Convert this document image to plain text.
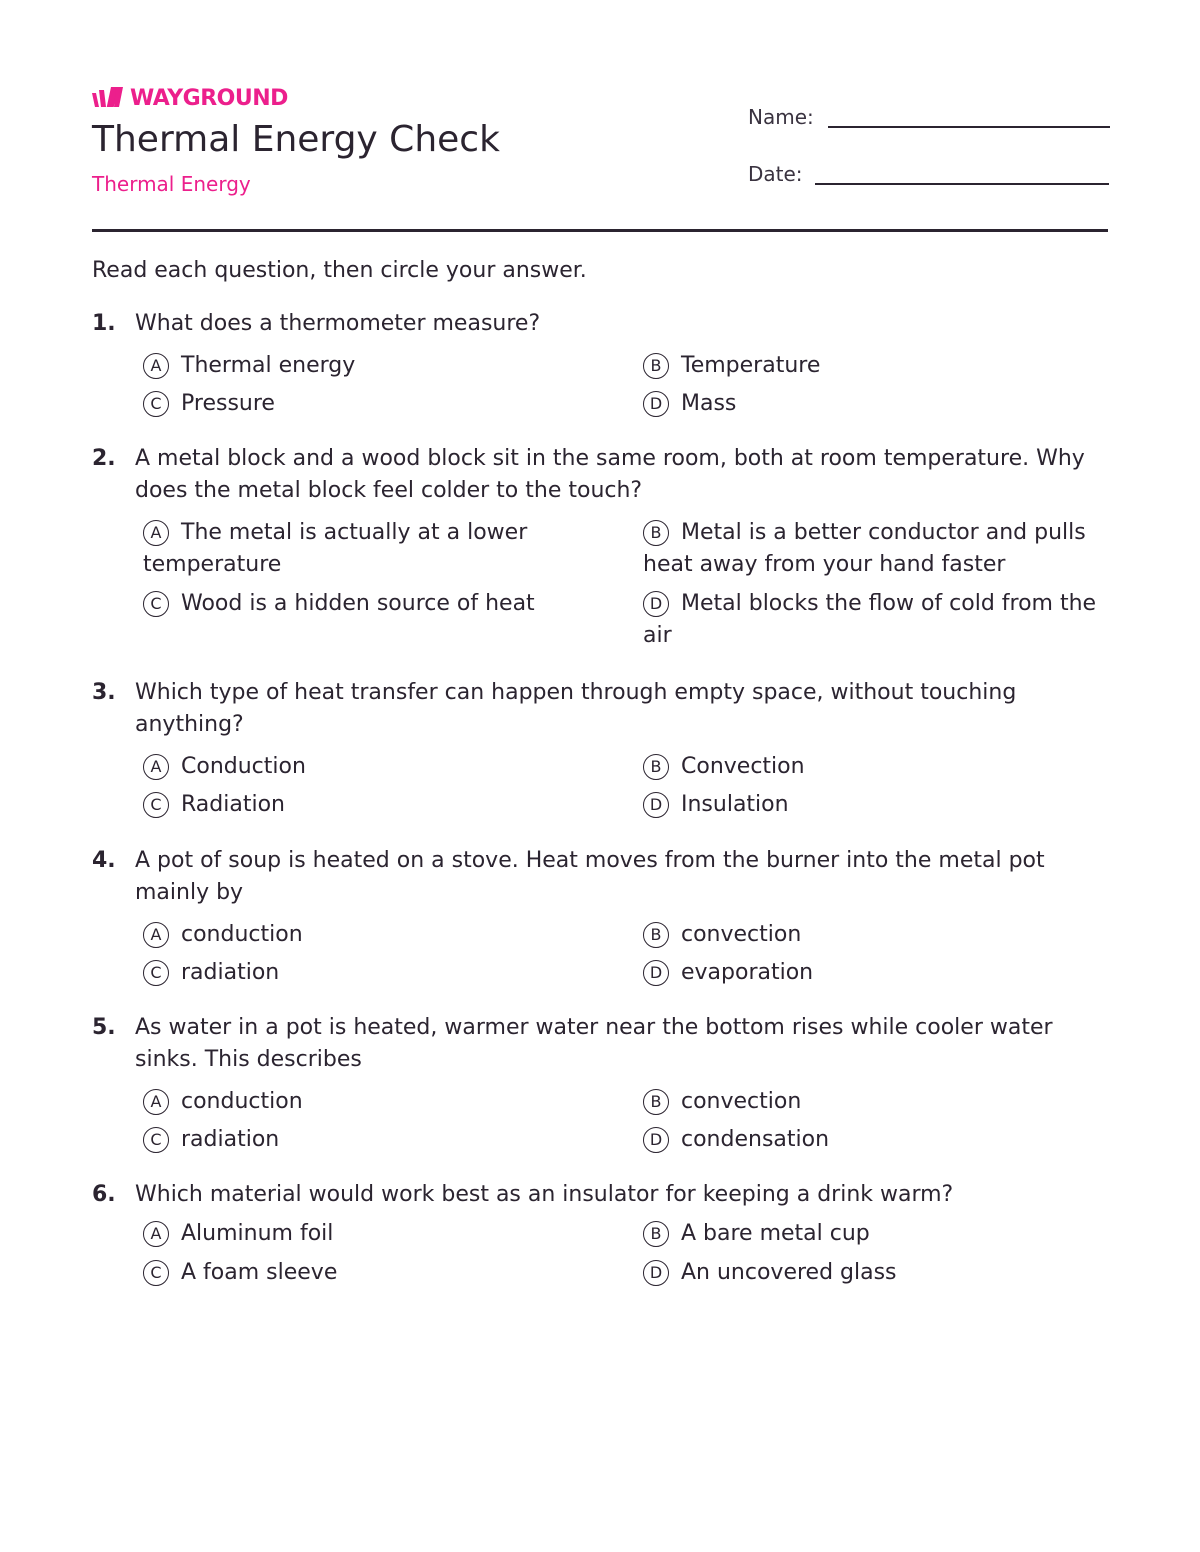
WAYGROUND
Thermal Energy Check
Thermal Energy
Name:
Date:
Read each question, then circle your answer.
1. What does a thermometer measure?
A Thermal energy	B Temperature
C Pressure	D Mass
2. A metal block and a wood block sit in the same room, both at room temperature. Why does the metal block feel colder to the touch?
A The metal is actually at a lower temperature
B Metal is a better conductor and pulls heat away from your hand faster
C Wood is a hidden source of heat	D Metal blocks the flow of cold from the air
3. Which type of heat transfer can happen through empty space, without touching anything?
A Conduction	B Convection
C Radiation	D Insulation
4. A pot of soup is heated on a stove. Heat moves from the burner into the metal pot mainly by
A conduction	B convection
C radiation	D evaporation
5. As water in a pot is heated, warmer water near the bottom rises while cooler water sinks. This describes
A conduction	B convection
C radiation	D condensation
6. Which material would work best as an insulator for keeping a drink warm?
A Aluminum foil	B A bare metal cup
C A foam sleeve	D An uncovered glass
